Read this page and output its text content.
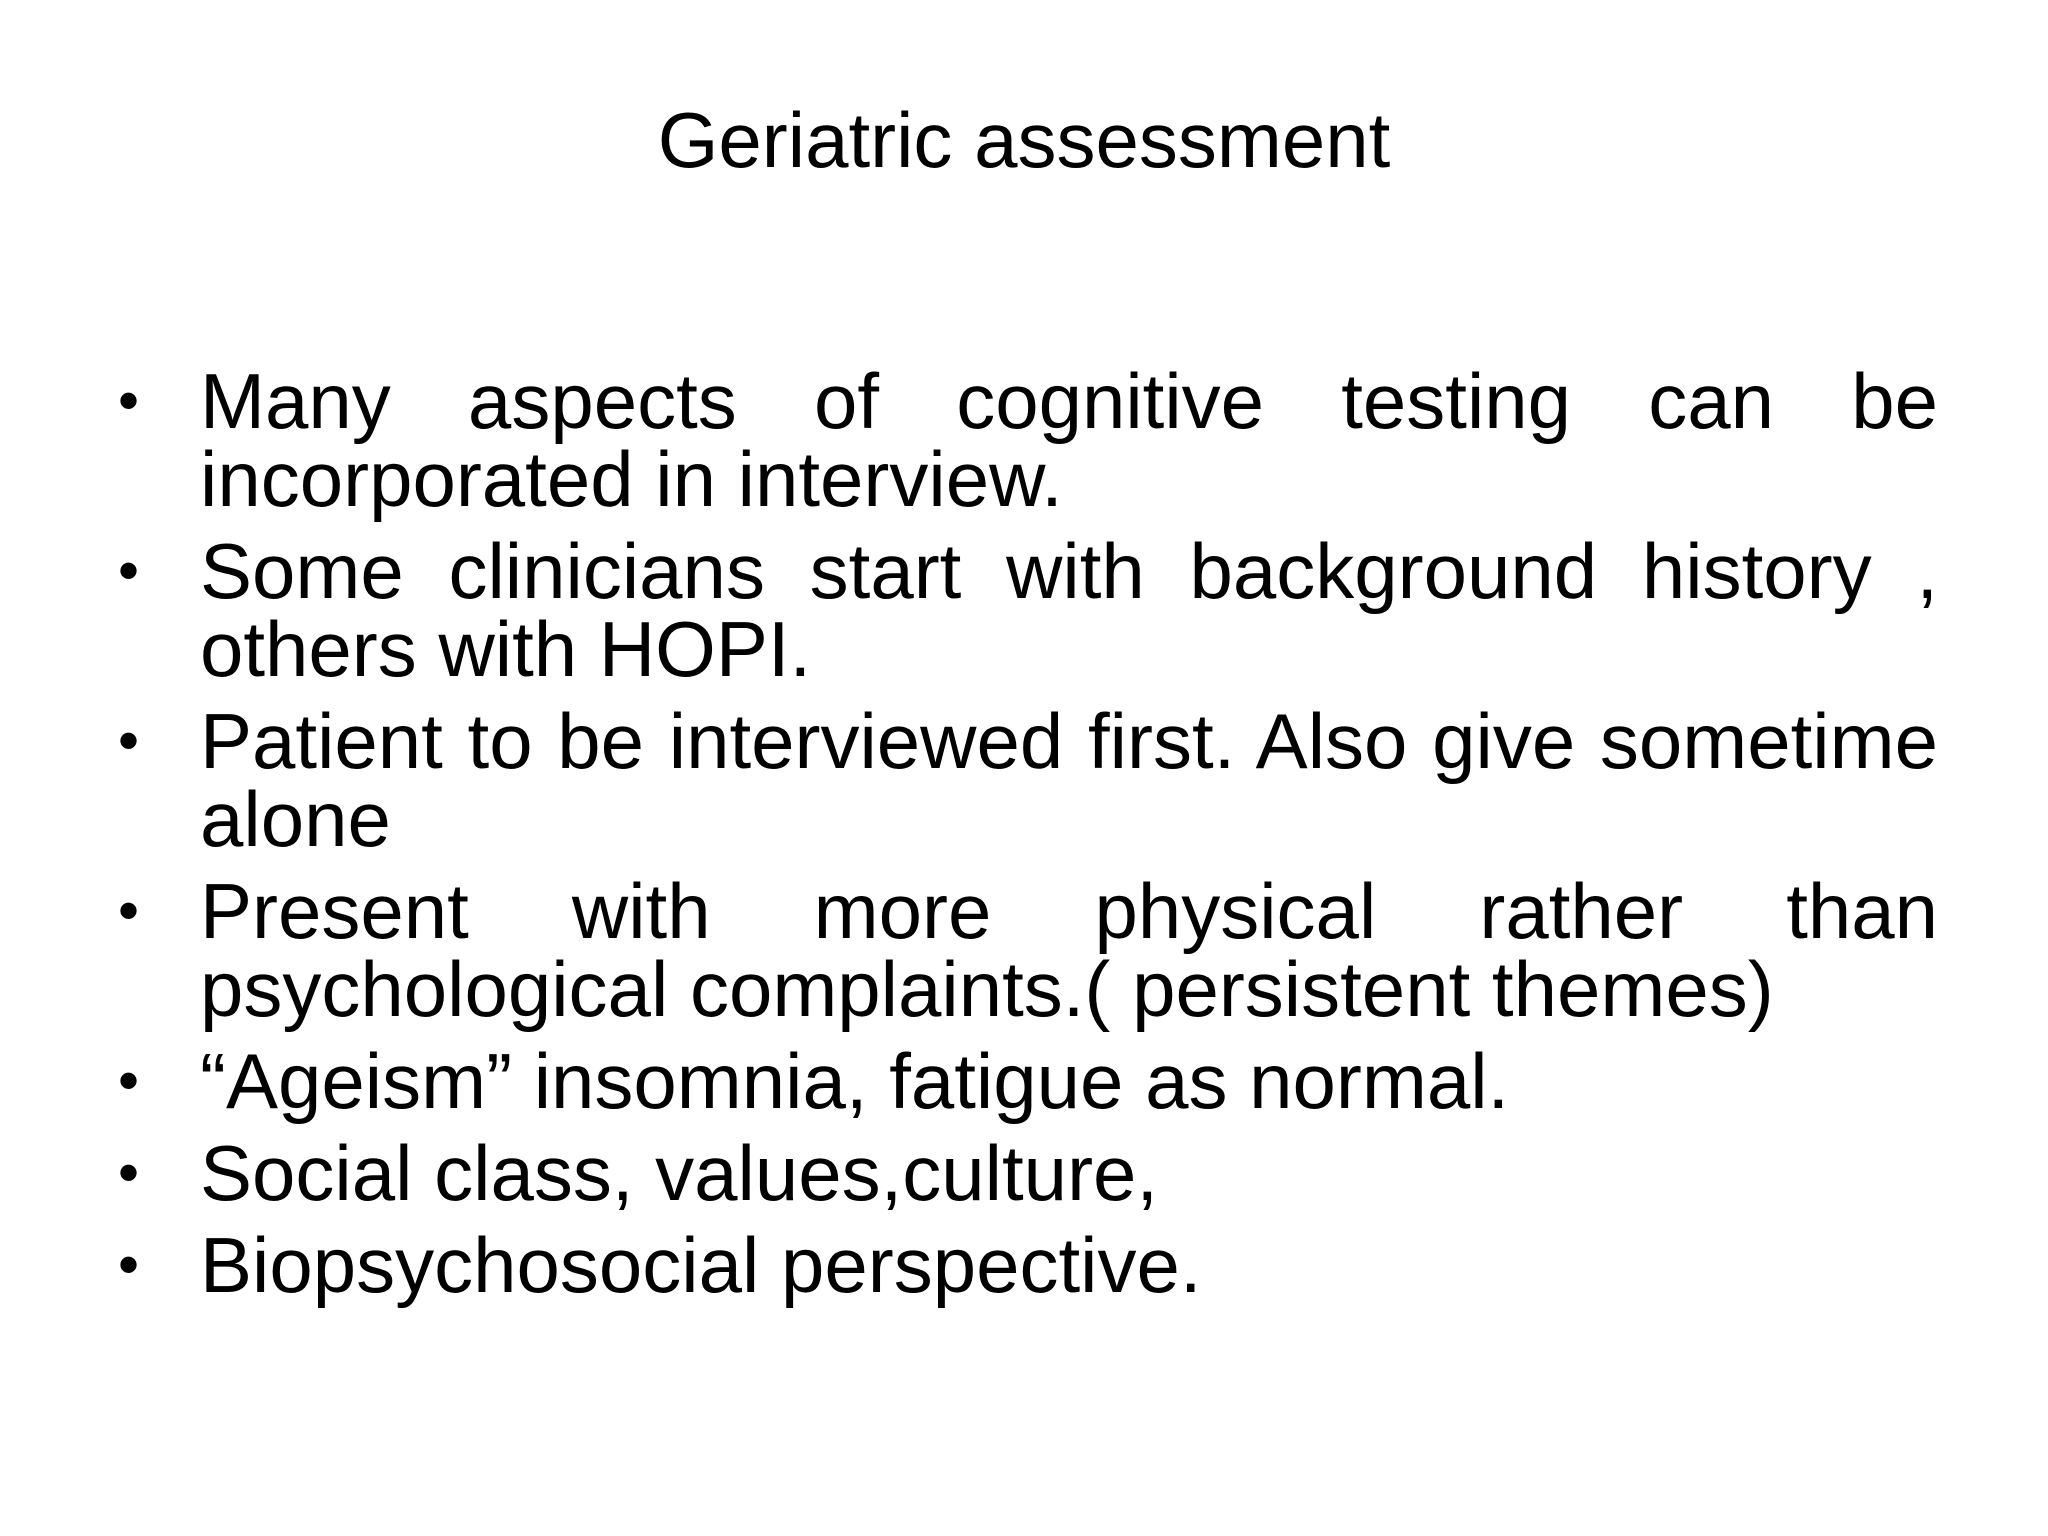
Geriatric assessment
• Many aspects of cognitive testing can be incorporated in interview.
• Some clinicians start with background history , others with HOPI.
• Patient to be interviewed first. Also give sometime alone
• Present with more physical rather than psychological complaints.( persistent themes)
• “Ageism” insomnia, fatigue as normal.
• Social class, values,culture,
• Biopsychosocial perspective.
